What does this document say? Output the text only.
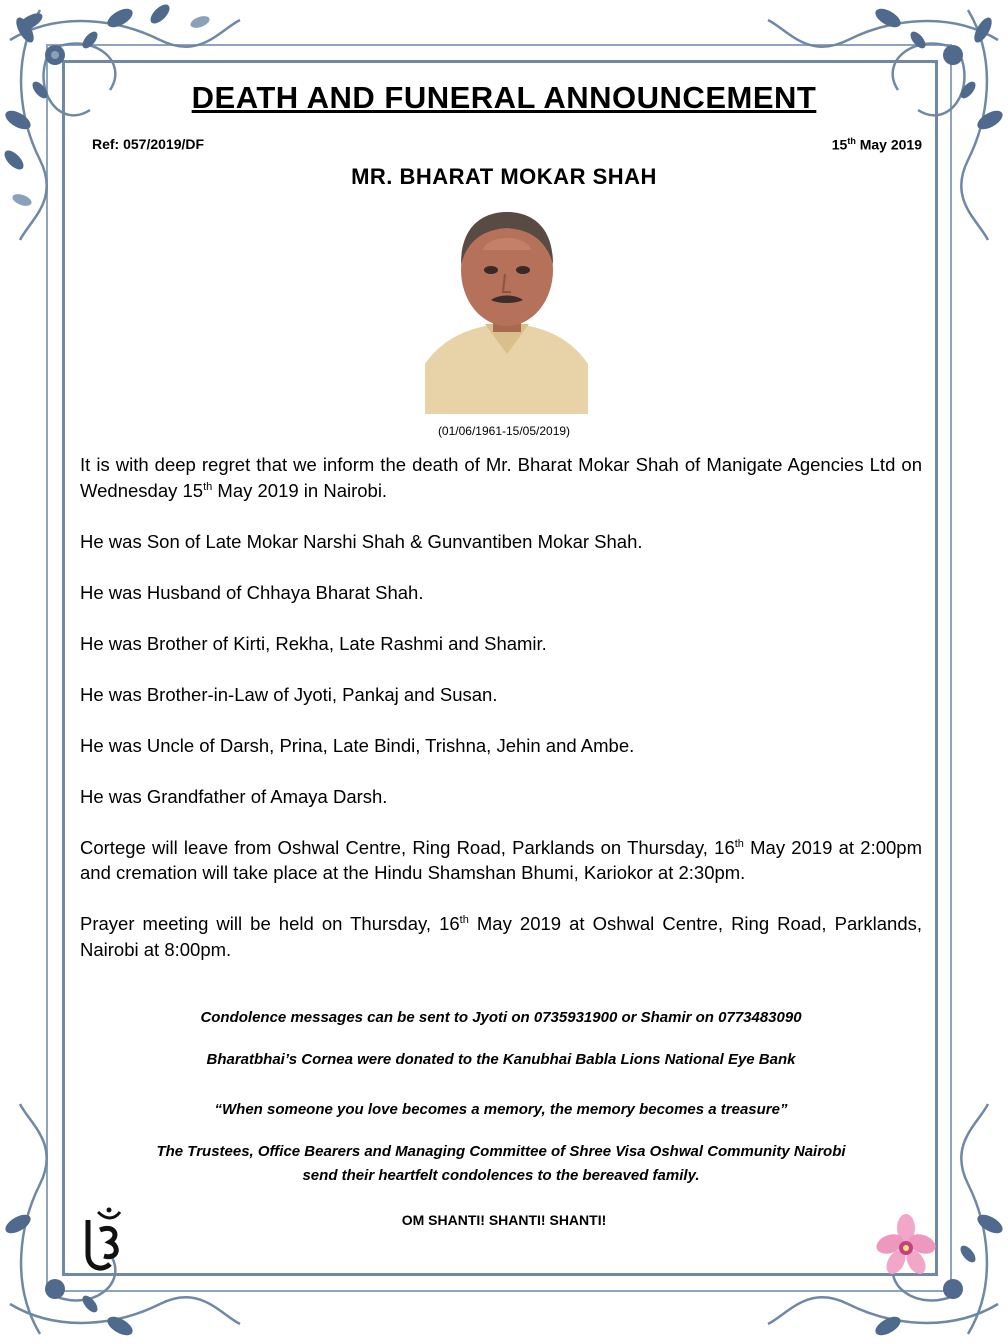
DEATH AND FUNERAL ANNOUNCEMENT
Ref: 057/2019/DF	15th May 2019
MR. BHARAT MOKAR SHAH
(01/06/1961-15/05/2019)

It is with deep regret that we inform the death of Mr. Bharat Mokar Shah of Manigate Agencies Ltd on Wednesday 15th May 2019 in Nairobi.

He was Son of Late Mokar Narshi Shah & Gunvantiben Mokar Shah.

He was Husband of Chhaya Bharat Shah.

He was Brother of Kirti, Rekha, Late Rashmi and Shamir.

He was Brother-in-Law of Jyoti, Pankaj and Susan.

He was Uncle of Darsh, Prina, Late Bindi, Trishna, Jehin and Ambe.

He was Grandfather of Amaya Darsh.

Cortege will leave from Oshwal Centre, Ring Road, Parklands on Thursday, 16th May 2019 at 2:00pm and cremation will take place at the Hindu Shamshan Bhumi, Kariokor at 2:30pm.

Prayer meeting will be held on Thursday, 16th May 2019 at Oshwal Centre, Ring Road, Parklands, Nairobi at 8:00pm.

Condolence messages can be sent to Jyoti on 0735931900 or Shamir on 0773483090
Bharatbhai’s Cornea were donated to the Kanubhai Babla Lions National Eye Bank
“When someone you love becomes a memory, the memory becomes a treasure”
The Trustees, Office Bearers and Managing Committee of Shree Visa Oshwal Community Nairobi
send their heartfelt condolences to the bereaved family.
OM SHANTI! SHANTI! SHANTI!
